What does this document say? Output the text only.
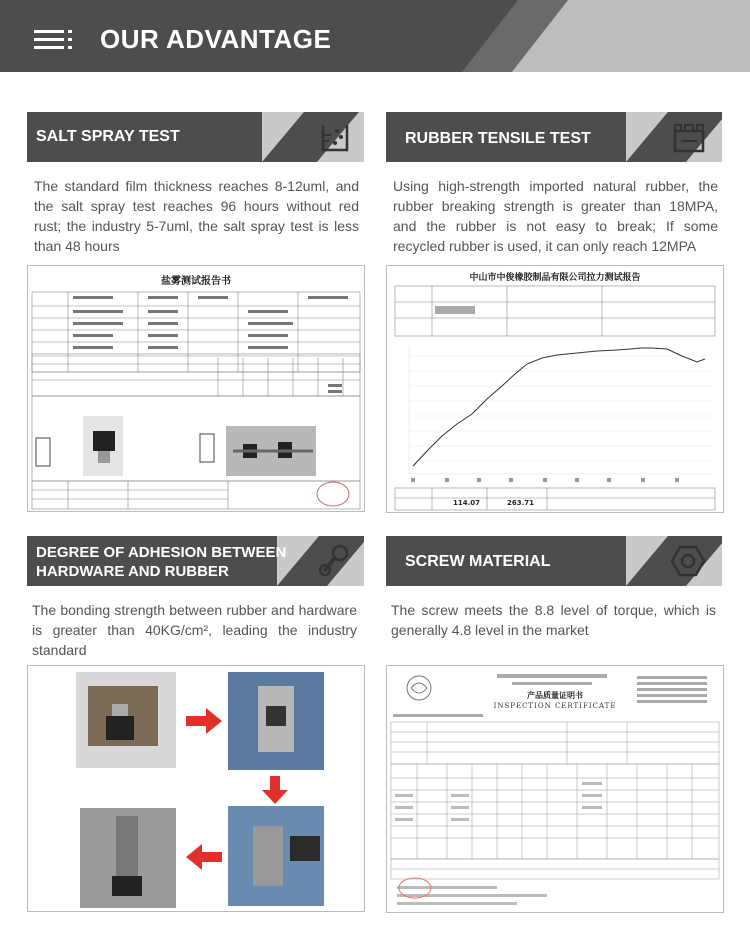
OUR ADVANTAGE
SALT SPRAY TEST
The standard film thickness reaches 8-12uml, and the salt spray test reaches 96 hours without red rust; the industry 5-7uml, the salt spray test is less than 48 hours
盐雾测试报告书
RUBBER TENSILE TEST
Using high-strength imported natural rubber, the rubber breaking strength is greater than 18MPA, and the rubber is not easy to break; If some recycled rubber is used, it can only reach 12MPA
中山市中俊橡胶制品有限公司拉力测试报告
114.07	263.71
DEGREE OF ADHESION BETWEEN
HARDWARE AND RUBBER
The bonding strength between rubber and hardware is greater than 40KG/cm², leading the industry standard
SCREW MATERIAL
The screw meets the 8.8 level of torque, which is generally 4.8 level in the market
产品质量证明书
INSPECTION CERTIFICATE
